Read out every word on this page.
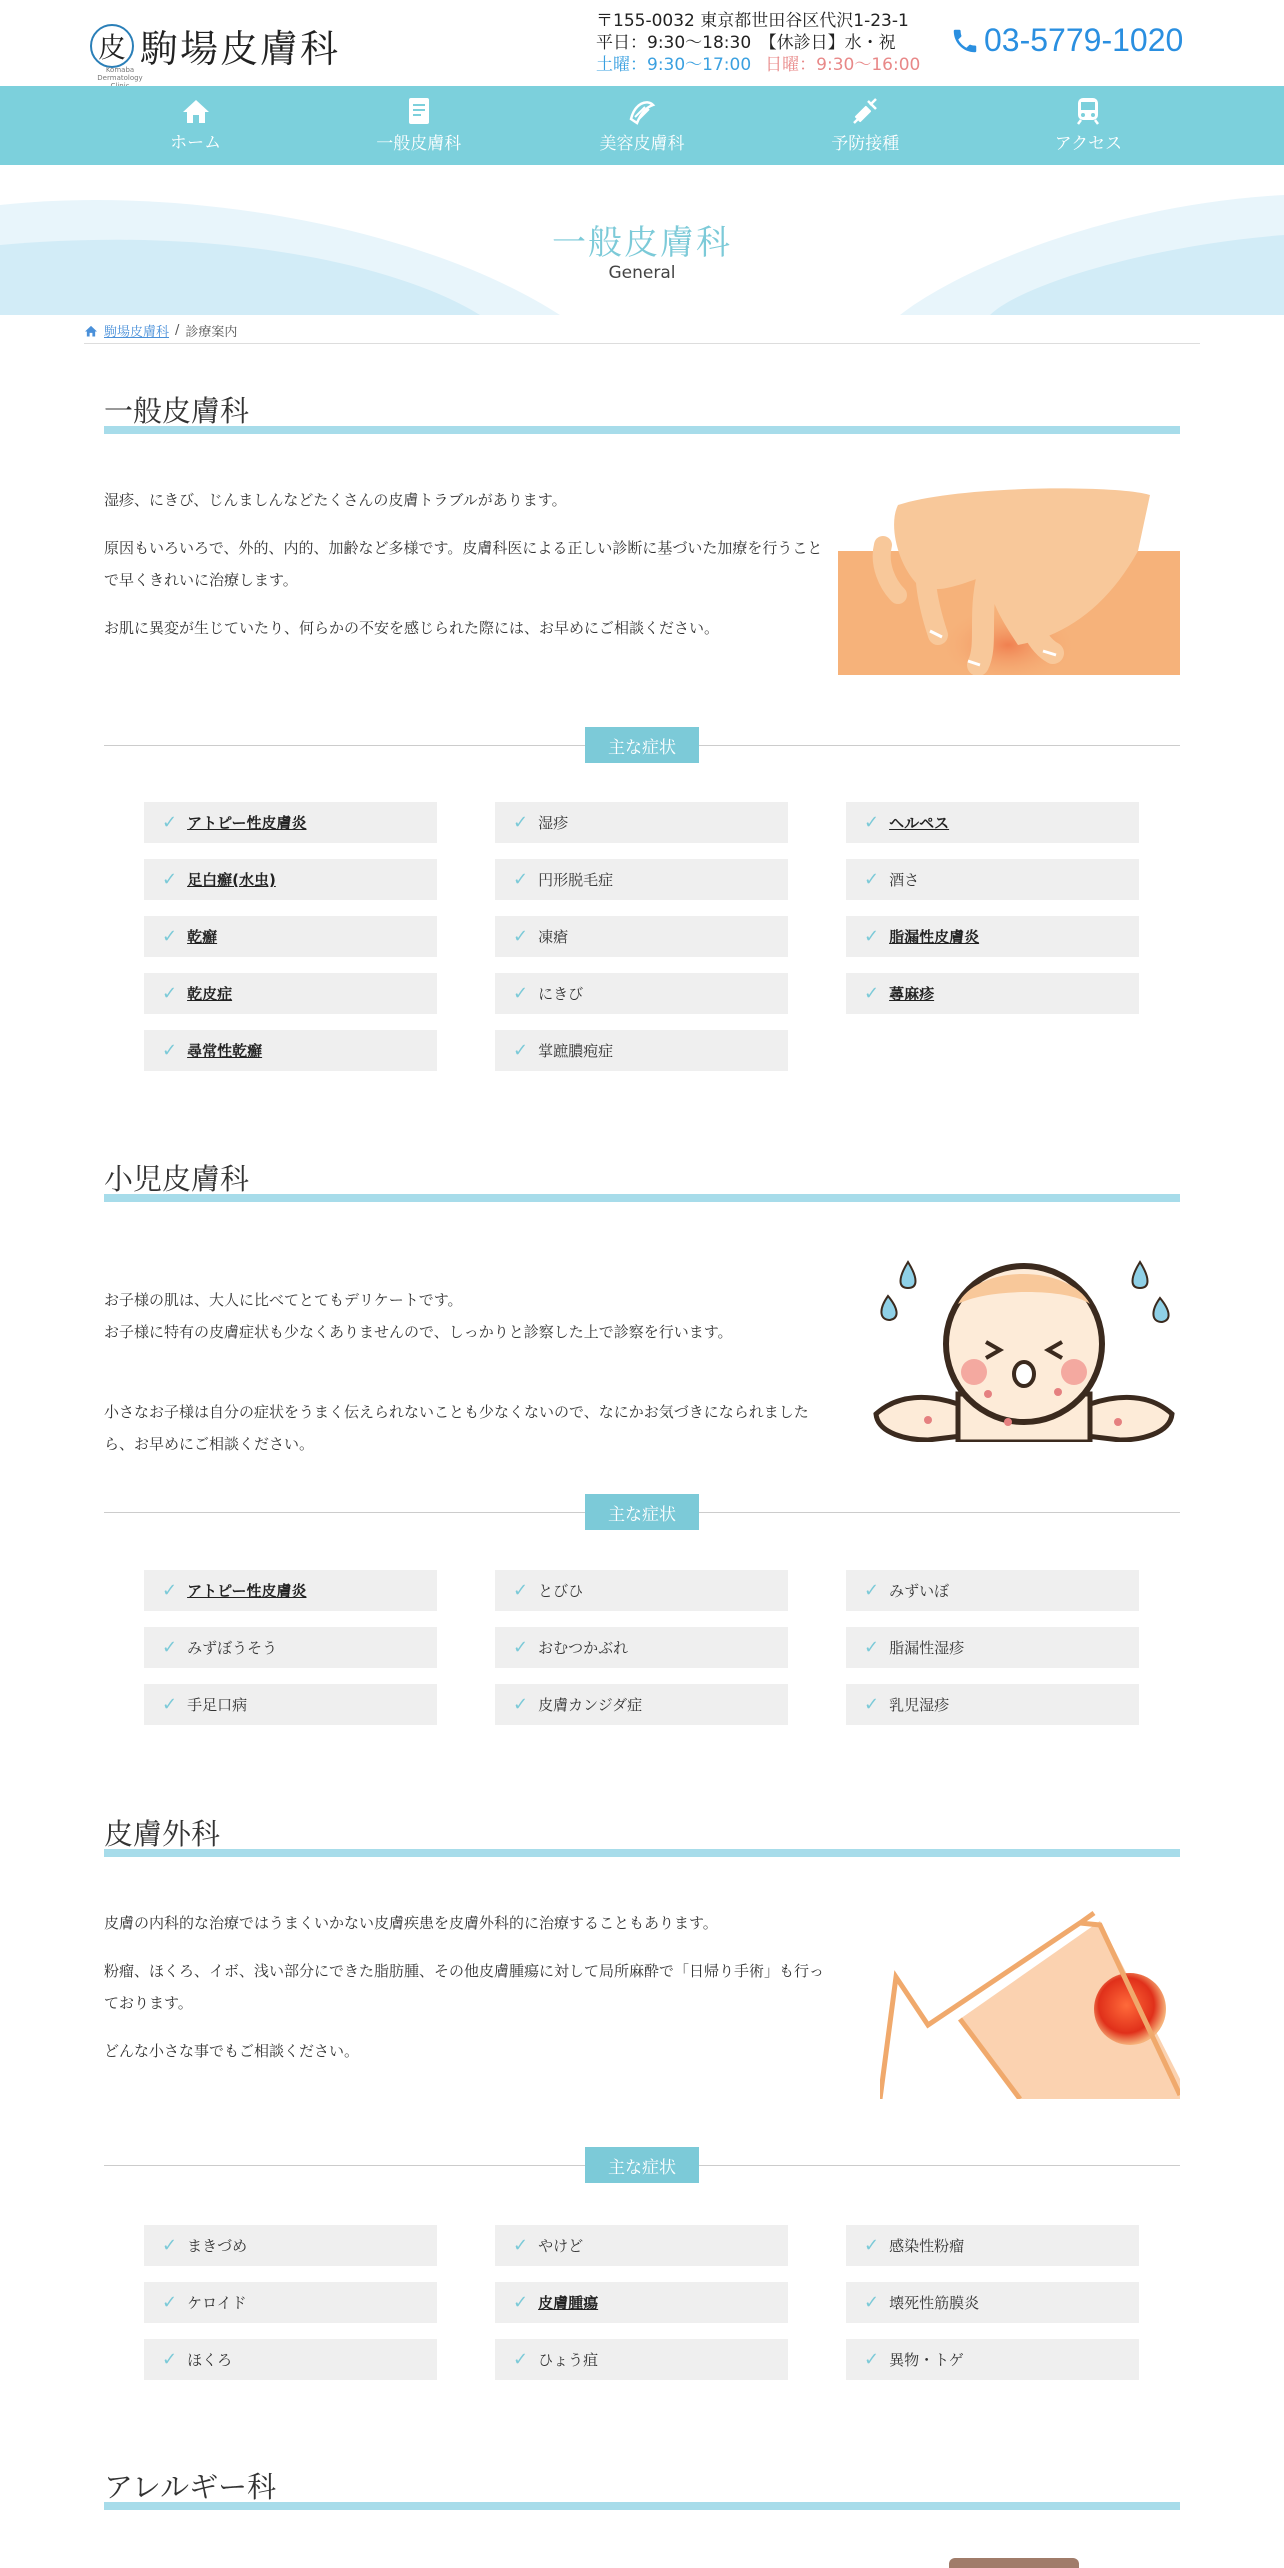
皮 駒場皮膚科
Komaba Dermatology
〒155-0032 東京都世田谷区代沢1-23-1
平日：9:30～18:30　【休診日】水・祝
土曜：9:30～17:00 日曜：9:30～16:00
03-5779-1020
ホーム	一般皮膚科	美容皮膚科	予防接種	アクセス
一般皮膚科
General
駒場皮膚科 / 診療案内
一般皮膚科

湿疹、にきび、じんましんなどたくさんの皮膚トラブルがあります。

原因もいろいろで、外的、内的、加齢など多様です。皮膚科医による正しい診断に基づいた加療を行うことで早くきれいに治療します。

お肌に異変が生じていたり、何らかの不安を感じられた際には、お早めにご相談ください。

主な症状
✓ アトピー性皮膚炎	✓ 湿疹	✓ ヘルペス
✓ 足白癬(水虫)	✓ 円形脱毛症	✓ 酒さ
✓ 乾癬	✓ 凍瘡	✓ 脂漏性皮膚炎
✓ 乾皮症	✓ にきび	✓ 蕁麻疹
✓ 尋常性乾癬	✓ 掌蹠膿疱症
小児皮膚科

お子様の肌は、大人に比べてとてもデリケートです。
お子様に特有の皮膚症状も少なくありませんので、しっかりと診察した上で診察を行います。

小さなお子様は自分の症状をうまく伝えられないことも少なくないので、なにかお気づきになられましたら、お早めにご相談ください。

主な症状
✓ アトピー性皮膚炎	✓ とびひ	✓ みずいぼ
✓ みずぼうそう	✓ おむつかぶれ	✓ 脂漏性湿疹
✓ 手足口病	✓ 皮膚カンジダ症	✓ 乳児湿疹
皮膚外科

皮膚の内科的な治療ではうまくいかない皮膚疾患を皮膚外科的に治療することもあります。

粉瘤、ほくろ、イボ、浅い部分にできた脂肪腫、その他皮膚腫瘍に対して局所麻酔で「日帰り手術」も行っております。

どんな小さな事でもご相談ください。

主な症状
✓ まきづめ	✓ やけど	✓ 感染性粉瘤
✓ ケロイド	✓ 皮膚腫瘍	✓ 壊死性筋膜炎
✓ ほくろ	✓ ひょう疽	✓ 異物・トゲ
アレルギー科
